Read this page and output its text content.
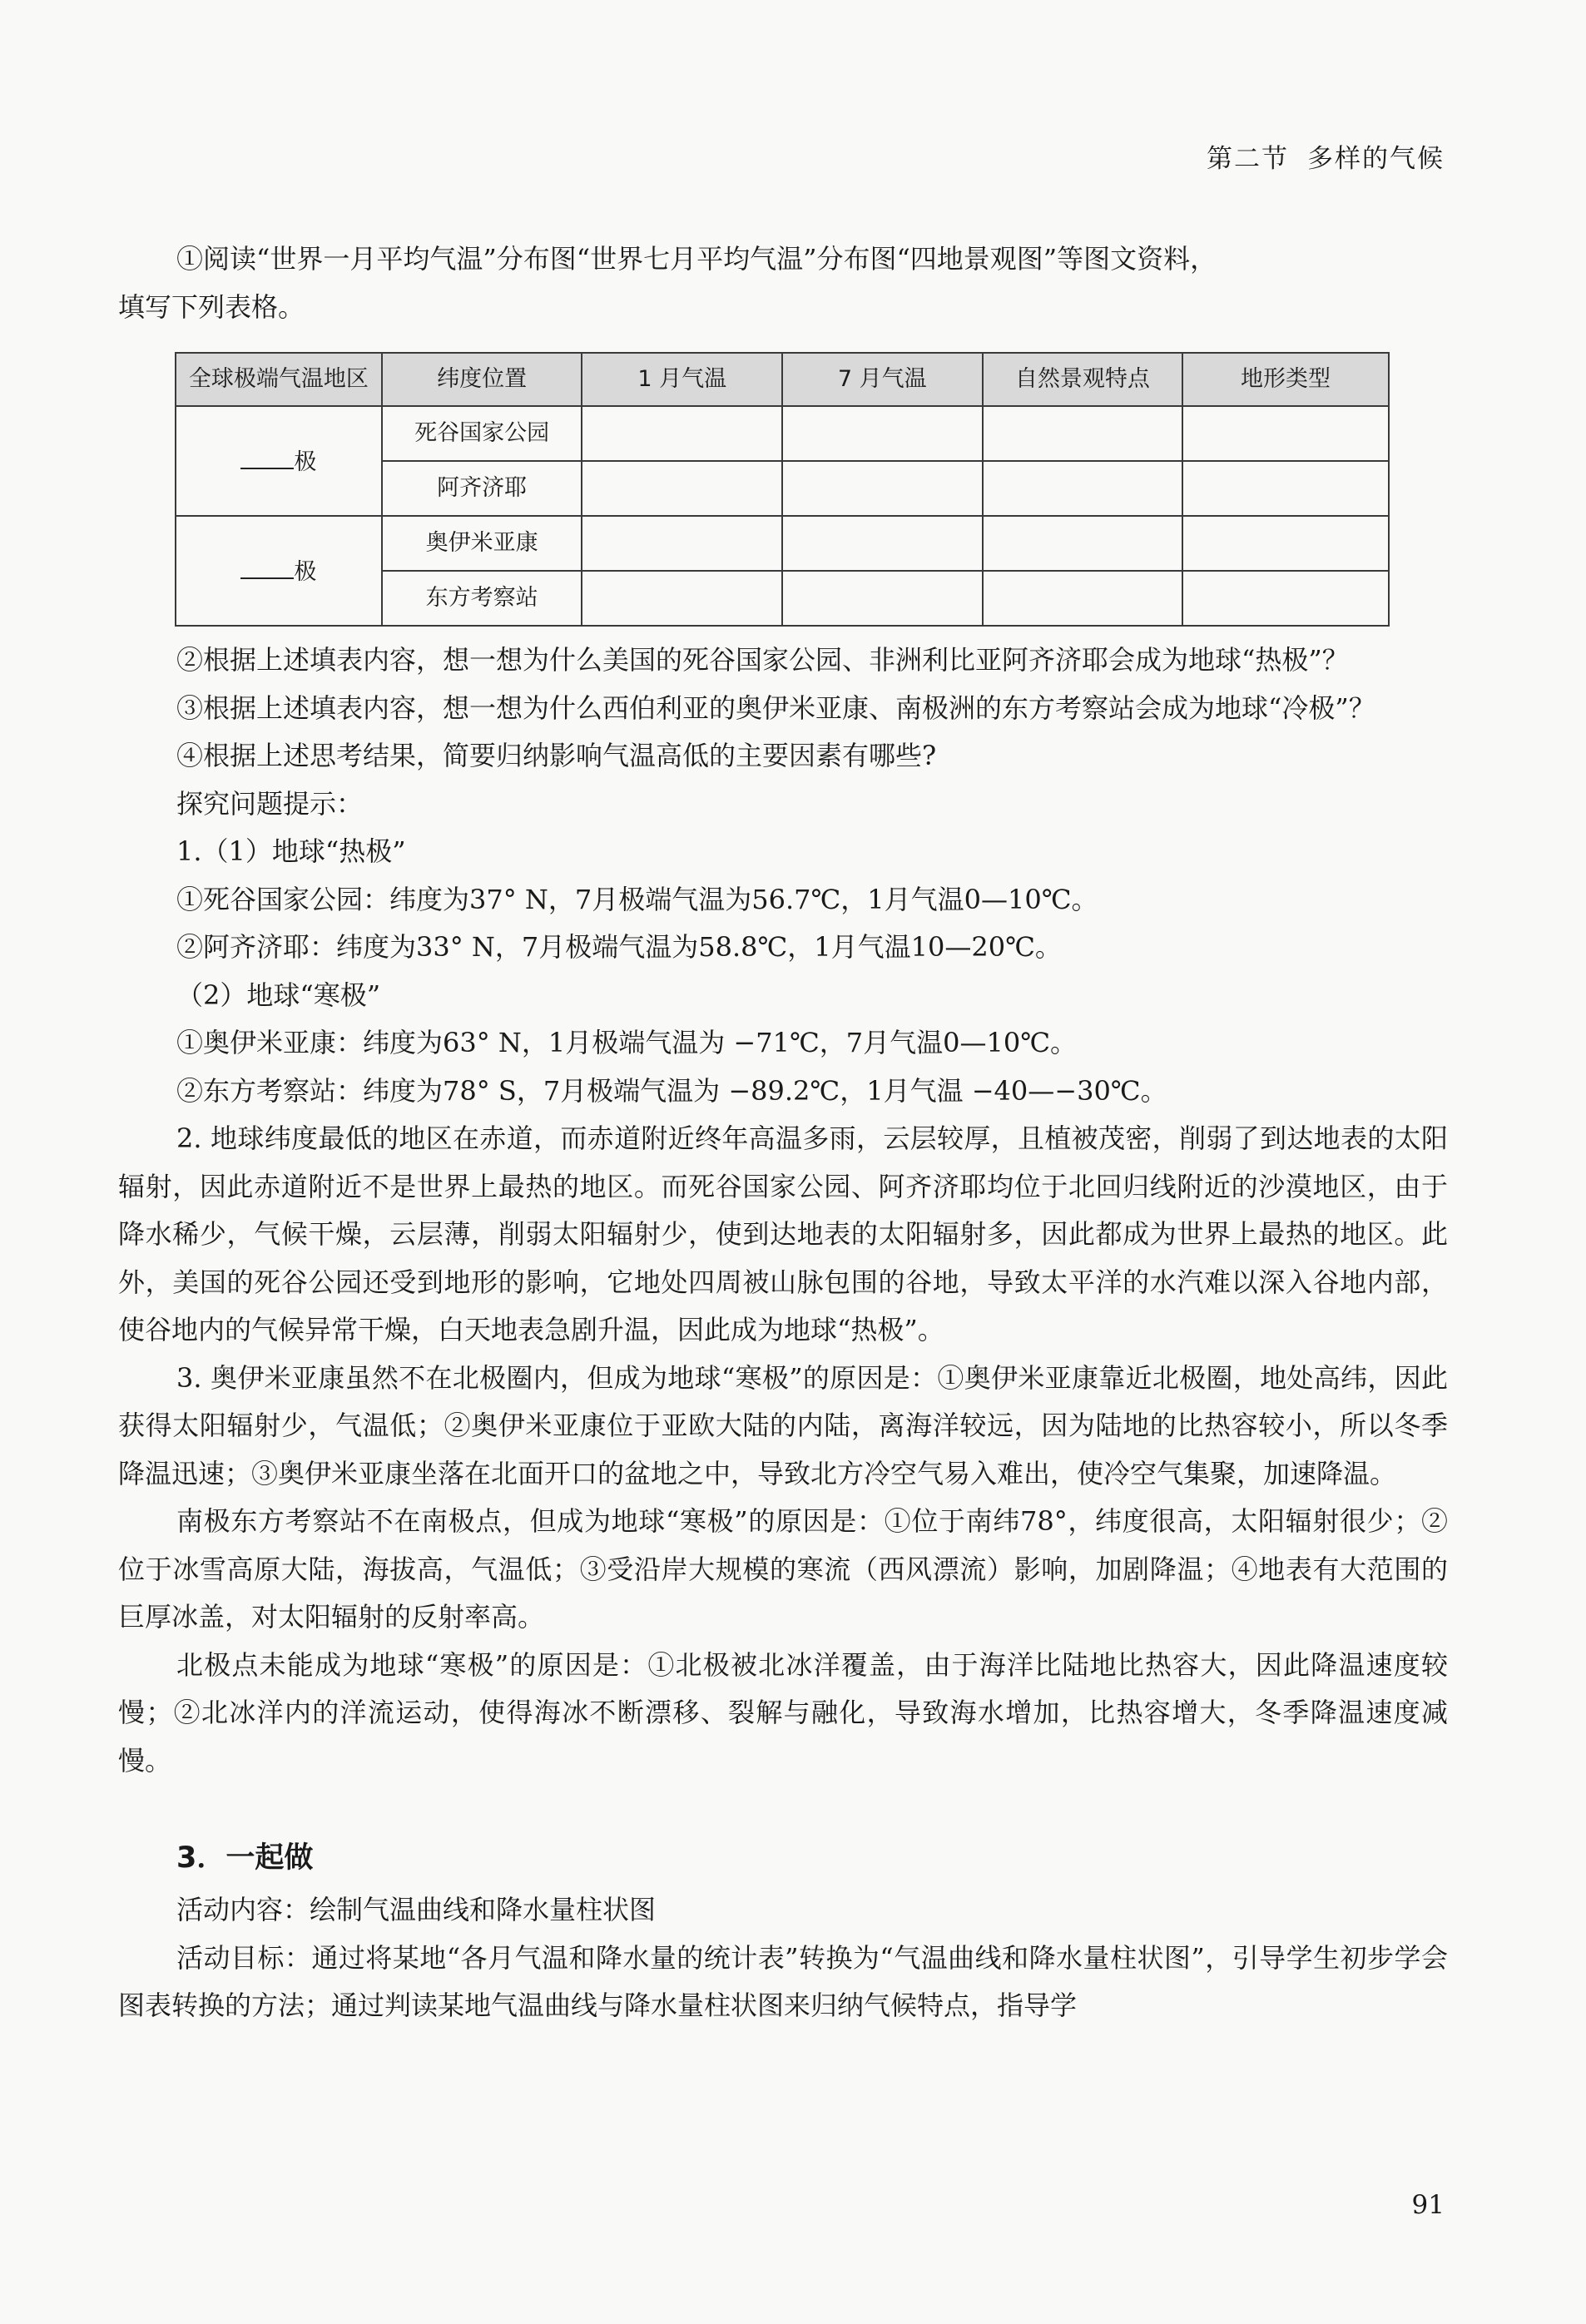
第二节 多样的气候

①阅读“世界一月平均气温”分布图“世界七月平均气温”分布图“四地景观图”等图文资料，

填写下列表格。

全球极端气温地区	纬度位置	1 月气温	7 月气温	自然景观特点	地形类型
极	死谷国家公园				
	阿齐济耶				
极	奥伊米亚康				
	东方考察站				

②根据上述填表内容，想一想为什么美国的死谷国家公园、非洲利比亚阿齐济耶会成为地球“热极”？

③根据上述填表内容，想一想为什么西伯利亚的奥伊米亚康、南极洲的东方考察站会成为地球“冷极”？

④根据上述思考结果，简要归纳影响气温高低的主要因素有哪些?

探究问题提示：

1.（1）地球“热极”

①死谷国家公园：纬度为37° N，7月极端气温为56.7℃，1月气温0—10℃。

②阿齐济耶：纬度为33° N，7月极端气温为58.8℃，1月气温10—20℃。

（2）地球“寒极”

①奥伊米亚康：纬度为63° N，1月极端气温为 −71℃，7月气温0—10℃。

②东方考察站：纬度为78° S，7月极端气温为 −89.2℃，1月气温 −40—−30℃。

2. 地球纬度最低的地区在赤道，而赤道附近终年高温多雨，云层较厚，且植被茂密，削弱了到达地表的太阳辐射，因此赤道附近不是世界上最热的地区。而死谷国家公园、阿齐济耶均位于北回归线附近的沙漠地区，由于降水稀少，气候干燥，云层薄，削弱太阳辐射少，使到达地表的太阳辐射多，因此都成为世界上最热的地区。此外，美国的死谷公园还受到地形的影响，它地处四周被山脉包围的谷地，导致太平洋的水汽难以深入谷地内部，使谷地内的气候异常干燥，白天地表急剧升温，因此成为地球“热极”。

3. 奥伊米亚康虽然不在北极圈内，但成为地球“寒极”的原因是：①奥伊米亚康靠近北极圈，地处高纬，因此获得太阳辐射少，气温低；②奥伊米亚康位于亚欧大陆的内陆，离海洋较远，因为陆地的比热容较小，所以冬季降温迅速；③奥伊米亚康坐落在北面开口的盆地之中，导致北方冷空气易入难出，使冷空气集聚，加速降温。

南极东方考察站不在南极点，但成为地球“寒极”的原因是：①位于南纬78°，纬度很高，太阳辐射很少；②位于冰雪高原大陆，海拔高，气温低；③受沿岸大规模的寒流（西风漂流）影响，加剧降温；④地表有大范围的巨厚冰盖，对太阳辐射的反射率高。

北极点未能成为地球“寒极”的原因是：①北极被北冰洋覆盖，由于海洋比陆地比热容大，因此降温速度较慢；②北冰洋内的洋流运动，使得海冰不断漂移、裂解与融化，导致海水增加，比热容增大，冬季降温速度减慢。

3．一起做

活动内容：绘制气温曲线和降水量柱状图

活动目标：通过将某地“各月气温和降水量的统计表”转换为“气温曲线和降水量柱状图”，引导学生初步学会图表转换的方法；通过判读某地气温曲线与降水量柱状图来归纳气候特点，指导学

91
